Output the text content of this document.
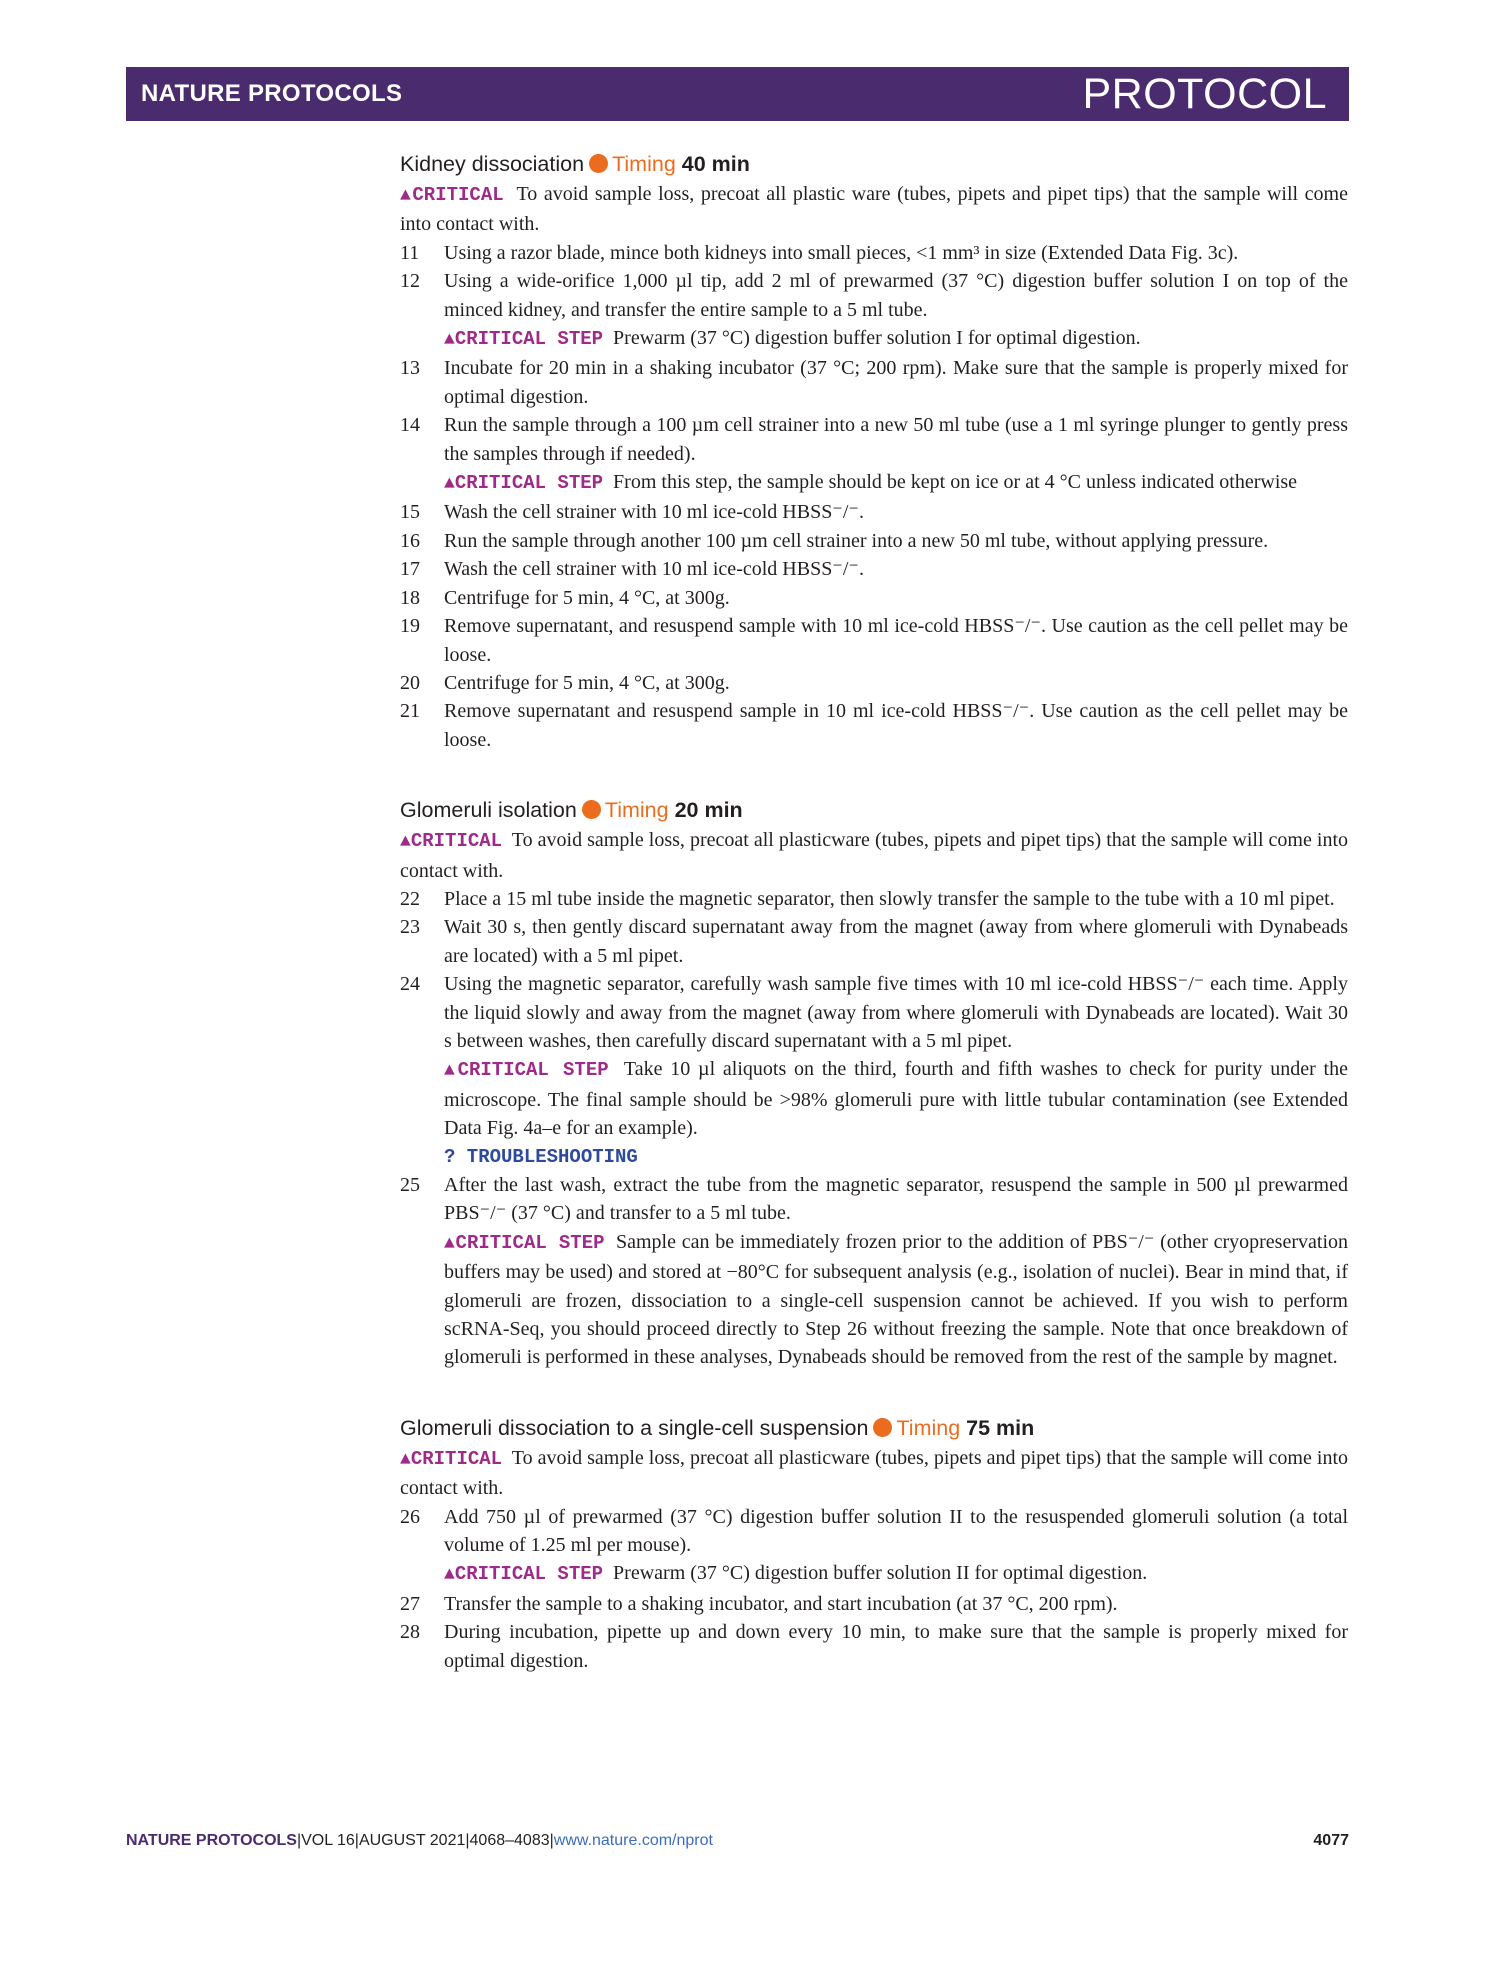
NATURE PROTOCOLS	PROTOCOL
Kidney dissociation Timing 40 min
▲CRITICAL To avoid sample loss, precoat all plastic ware (tubes, pipets and pipet tips) that the sample will come into contact with.
11	Using a razor blade, mince both kidneys into small pieces, <1 mm³ in size (Extended Data Fig. 3c).
12	Using a wide-orifice 1,000 µl tip, add 2 ml of prewarmed (37 °C) digestion buffer solution I on top of the minced kidney, and transfer the entire sample to a 5 ml tube.
▲CRITICAL STEP Prewarm (37 °C) digestion buffer solution I for optimal digestion.
13	Incubate for 20 min in a shaking incubator (37 °C; 200 rpm). Make sure that the sample is properly mixed for optimal digestion.
14	Run the sample through a 100 µm cell strainer into a new 50 ml tube (use a 1 ml syringe plunger to gently press the samples through if needed).
▲CRITICAL STEP From this step, the sample should be kept on ice or at 4 °C unless indicated otherwise
15	Wash the cell strainer with 10 ml ice-cold HBSS⁻/⁻.
16	Run the sample through another 100 µm cell strainer into a new 50 ml tube, without applying pressure.
17	Wash the cell strainer with 10 ml ice-cold HBSS⁻/⁻.
18	Centrifuge for 5 min, 4 °C, at 300g.
19	Remove supernatant, and resuspend sample with 10 ml ice-cold HBSS⁻/⁻. Use caution as the cell pellet may be loose.
20	Centrifuge for 5 min, 4 °C, at 300g.
21	Remove supernatant and resuspend sample in 10 ml ice-cold HBSS⁻/⁻. Use caution as the cell pellet may be loose.
Glomeruli isolation Timing 20 min
▲CRITICAL To avoid sample loss, precoat all plasticware (tubes, pipets and pipet tips) that the sample will come into contact with.
22	Place a 15 ml tube inside the magnetic separator, then slowly transfer the sample to the tube with a 10 ml pipet.
23	Wait 30 s, then gently discard supernatant away from the magnet (away from where glomeruli with Dynabeads are located) with a 5 ml pipet.
24	Using the magnetic separator, carefully wash sample five times with 10 ml ice-cold HBSS⁻/⁻ each time. Apply the liquid slowly and away from the magnet (away from where glomeruli with Dynabeads are located). Wait 30 s between washes, then carefully discard supernatant with a 5 ml pipet.
▲CRITICAL STEP Take 10 µl aliquots on the third, fourth and fifth washes to check for purity under the microscope. The final sample should be >98% glomeruli pure with little tubular contamination (see Extended Data Fig. 4a–e for an example).
? TROUBLESHOOTING
25	After the last wash, extract the tube from the magnetic separator, resuspend the sample in 500 µl prewarmed PBS⁻/⁻ (37 °C) and transfer to a 5 ml tube.
▲CRITICAL STEP Sample can be immediately frozen prior to the addition of PBS⁻/⁻ (other cryopreservation buffers may be used) and stored at −80°C for subsequent analysis (e.g., isolation of nuclei). Bear in mind that, if glomeruli are frozen, dissociation to a single-cell suspension cannot be achieved. If you wish to perform scRNA-Seq, you should proceed directly to Step 26 without freezing the sample. Note that once breakdown of glomeruli is performed in these analyses, Dynabeads should be removed from the rest of the sample by magnet.
Glomeruli dissociation to a single-cell suspension Timing 75 min
▲CRITICAL To avoid sample loss, precoat all plasticware (tubes, pipets and pipet tips) that the sample will come into contact with.
26	Add 750 µl of prewarmed (37 °C) digestion buffer solution II to the resuspended glomeruli solution (a total volume of 1.25 ml per mouse).
▲CRITICAL STEP Prewarm (37 °C) digestion buffer solution II for optimal digestion.
27	Transfer the sample to a shaking incubator, and start incubation (at 37 °C, 200 rpm).
28	During incubation, pipette up and down every 10 min, to make sure that the sample is properly mixed for optimal digestion.
NATURE PROTOCOLS|VOL 16|AUGUST 2021|4068–4083|www.nature.com/nprot	4077
